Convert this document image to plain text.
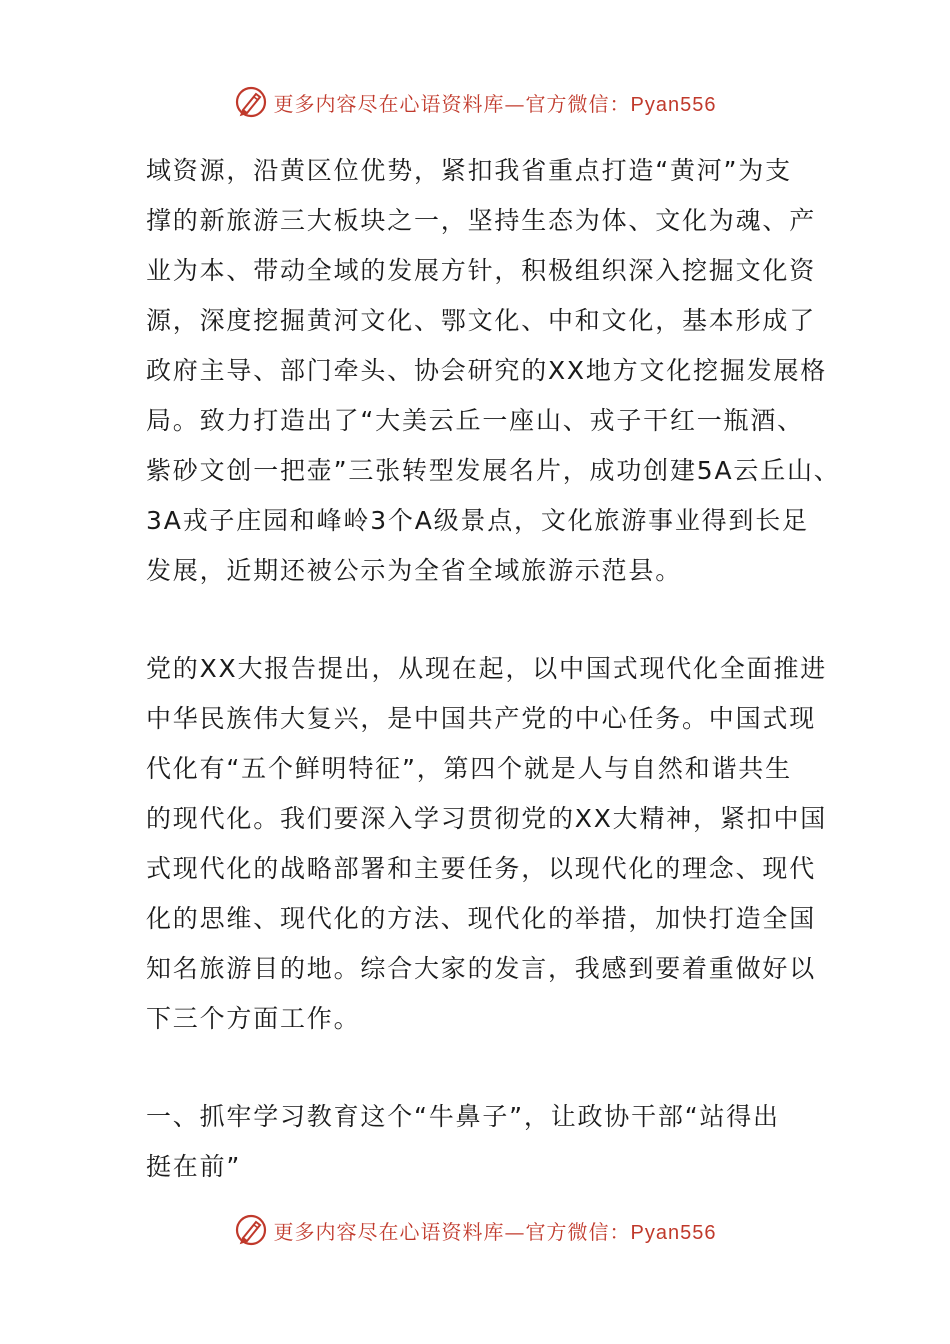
更多内容尽在心语资料库—官方微信：Pyan556
域资源，沿黄区位优势，紧扣我省重点打造“黄河”为支
撑的新旅游三大板块之一，坚持生态为体、文化为魂、产
业为本、带动全域的发展方针，积极组织深入挖掘文化资
源，深度挖掘黄河文化、鄂文化、中和文化，基本形成了
政府主导、部门牵头、协会研究的XX地方文化挖掘发展格
局。致力打造出了“大美云丘一座山、戎子干红一瓶酒、
紫砂文创一把壶”三张转型发展名片，成功创建5A云丘山、
3A戎子庄园和峰岭3个A级景点，文化旅游事业得到长足
发展，近期还被公示为全省全域旅游示范县。
党的XX大报告提出，从现在起，以中国式现代化全面推进
中华民族伟大复兴，是中国共产党的中心任务。中国式现
代化有“五个鲜明特征”，第四个就是人与自然和谐共生
的现代化。我们要深入学习贯彻党的XX大精神，紧扣中国
式现代化的战略部署和主要任务，以现代化的理念、现代
化的思维、现代化的方法、现代化的举措，加快打造全国
知名旅游目的地。综合大家的发言，我感到要着重做好以
下三个方面工作。
一、抓牢学习教育这个“牛鼻子”，让政协干部“站得出
挺在前”
更多内容尽在心语资料库—官方微信：Pyan556
